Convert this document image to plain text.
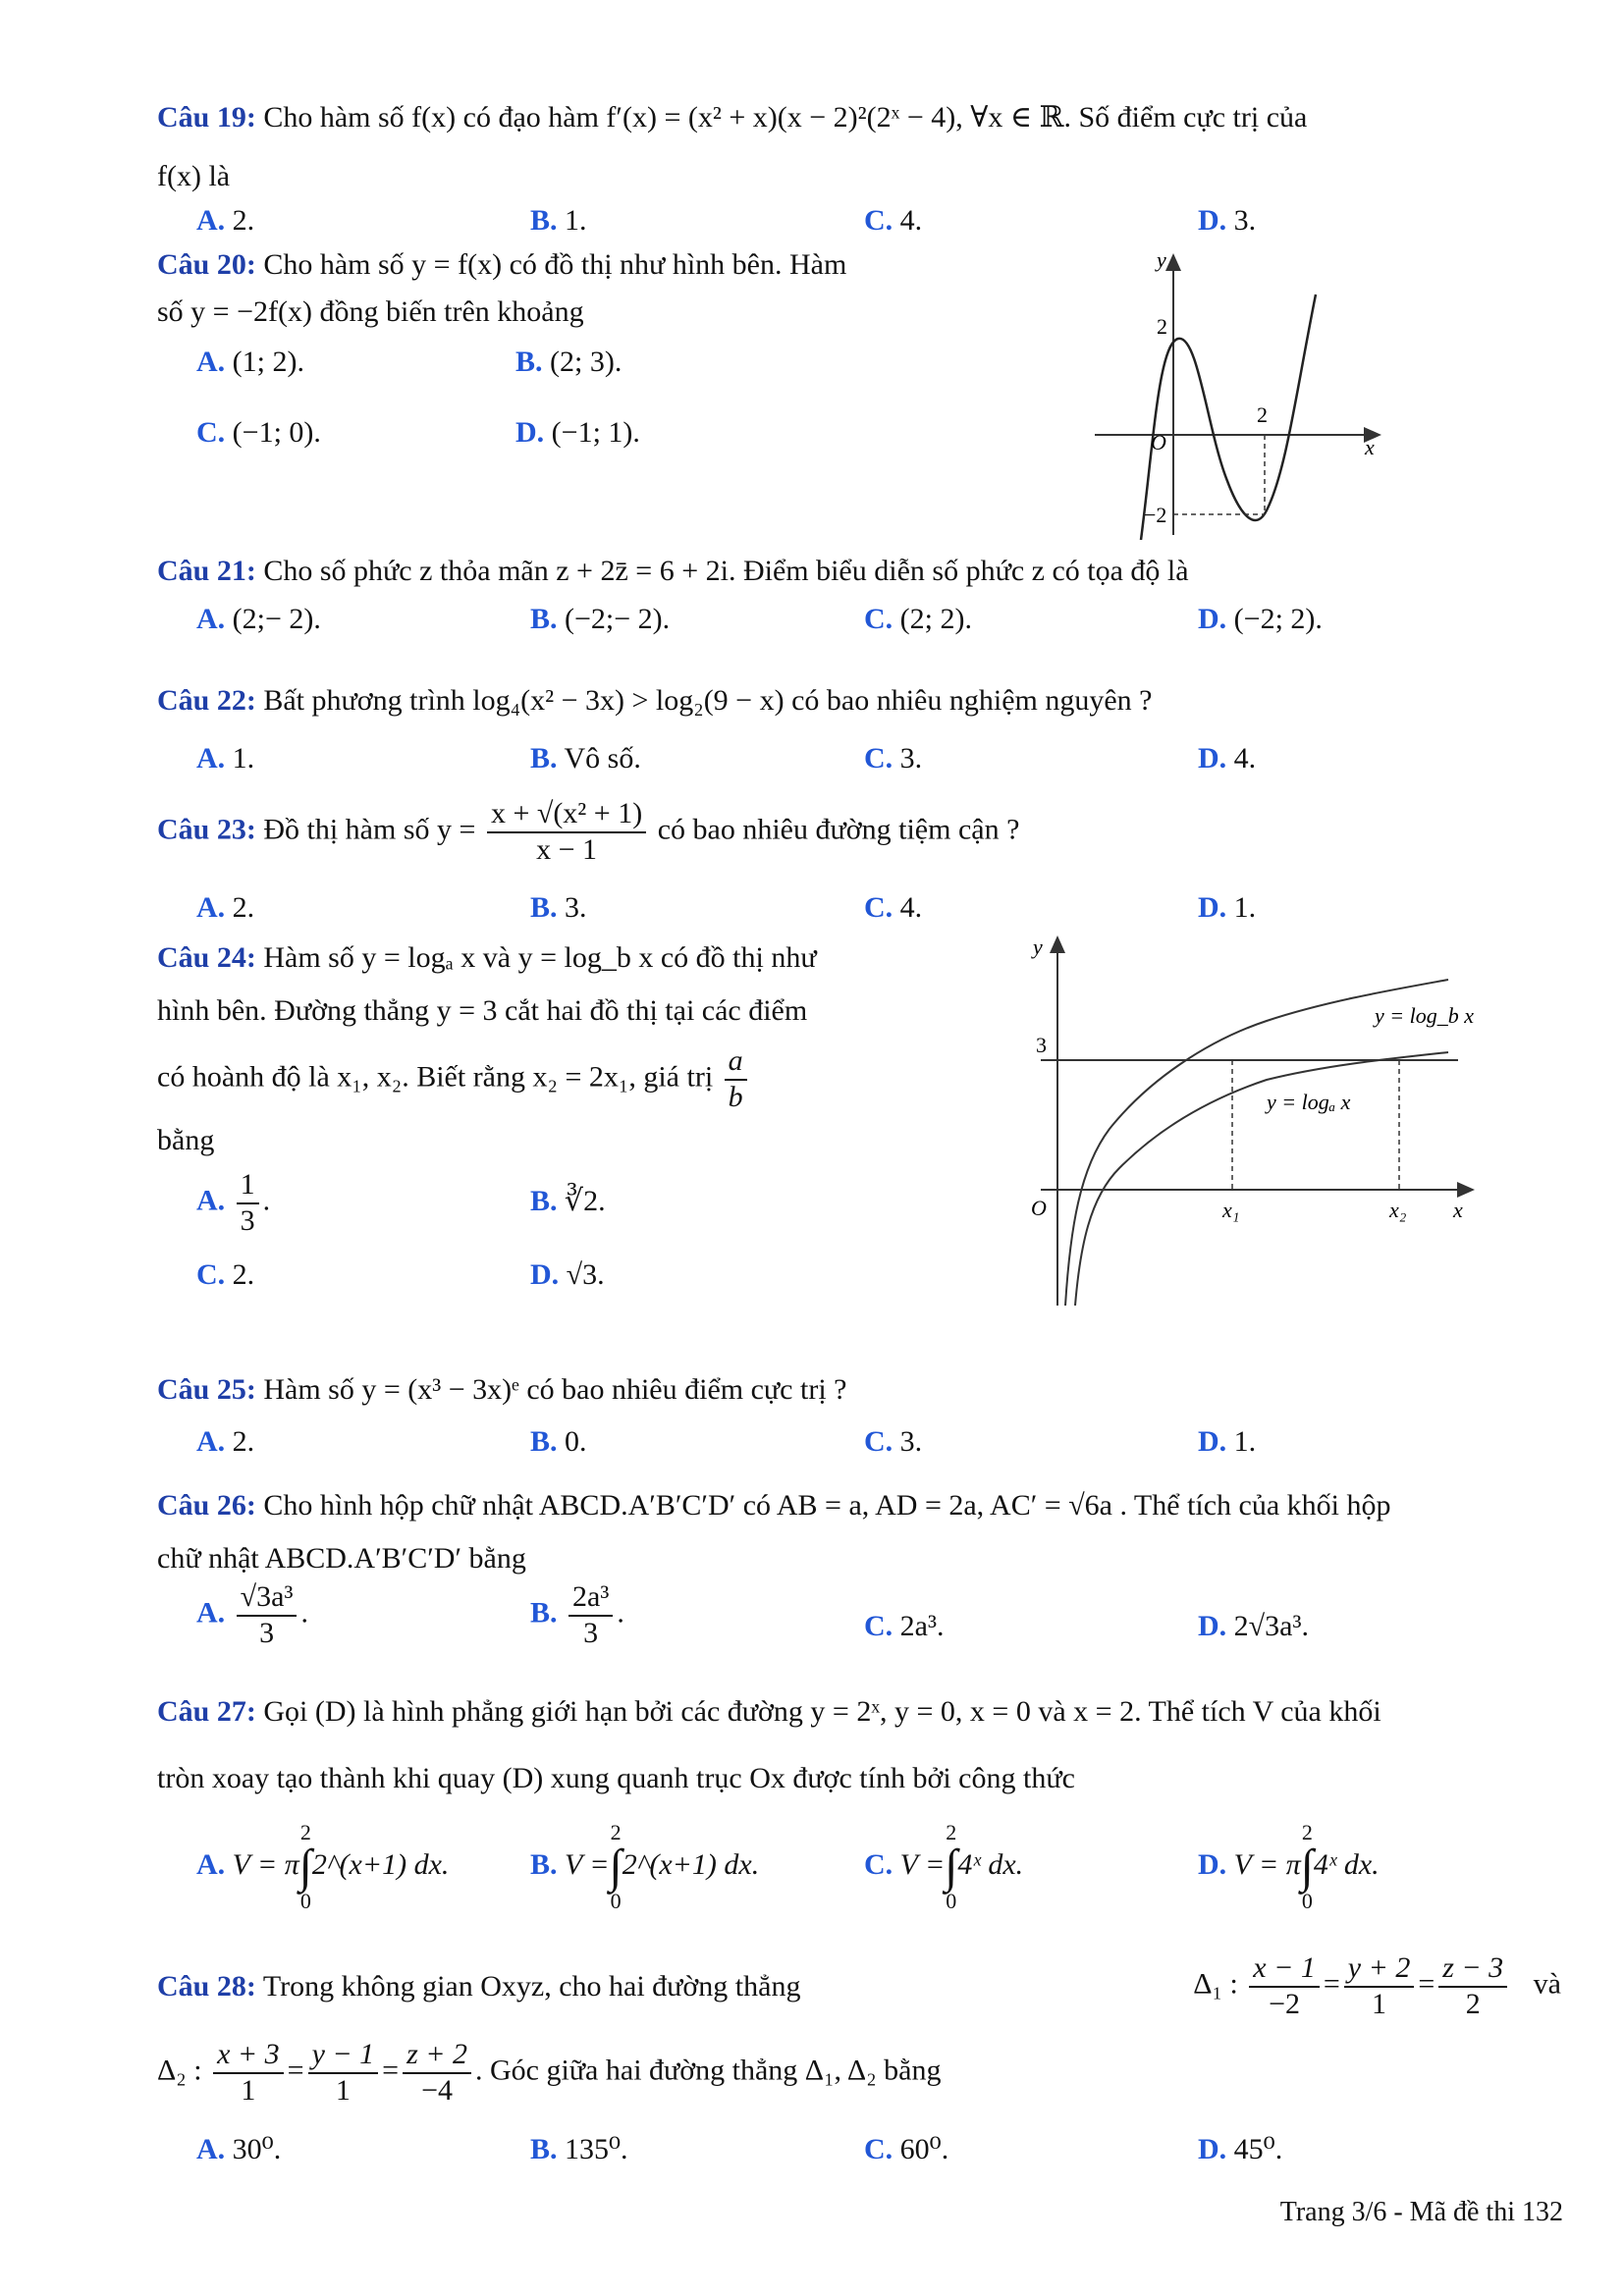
Câu 19: Cho hàm số f(x) có đạo hàm f′(x) = (x² + x)(x − 2)²(2ˣ − 4), ∀x ∈ ℝ. Số điểm cực trị của
f(x) là
A. 2.	B. 1.	C. 4.	D. 3.
Câu 20: Cho hàm số y = f(x) có đồ thị như hình bên. Hàm
số y = −2f(x) đồng biến trên khoảng
A. (1; 2).	B. (2; 3).
C. (−1; 0).	D. (−1; 1).
y
x
O
2
2
−2
Câu 21: Cho số phức z thỏa mãn z + 2z̄ = 6 + 2i. Điểm biểu diễn số phức z có tọa độ là
A. (2;− 2).	B. (−2;− 2).	C. (2; 2).	D. (−2; 2).
Câu 22: Bất phương trình log₄(x² − 3x) > log₂(9 − x) có bao nhiêu nghiệm nguyên ?
A. 1.	B. Vô số.	C. 3.	D. 4.
Câu 23: Đồ thị hàm số $y = \frac{\text{x + √(x² + 1)}}{x - 1}$ có bao nhiêu đường tiệm cận ?
A. 2.	B. 3.	C. 4.	D. 1.
Câu 24: Hàm số y = logₐ x và y = log_b x có đồ thị như
hình bên. Đường thẳng y = 3 cắt hai đồ thị tại các điểm
có hoành độ là x₁, x₂. Biết rằng x₂ = 2x₁, giá trị $\frac{a}{b}$
bằng
A. $\frac{1}{3}$ .	B. ∛2.
C. 2.	D. √3.
y
x
O
3
x₁	x₂
y = log_b x
y = logₐ x
Câu 25: Hàm số y = (x³ − 3x)ᵉ có bao nhiêu điểm cực trị ?
A. 2.	B. 0.	C. 3.	D. 1.
Câu 26: Cho hình hộp chữ nhật ABCD.A′B′C′D′ có AB = a, AD = 2a, AC′ = √6a . Thể tích của khối hộp
chữ nhật ABCD.A′B′C′D′ bằng
A. $\frac{\text{√3a³}}{3}$ .	B. $\frac{\text{2a³}}{3}$ .	C. 2a³.	D. 2√3a³.
Câu 27: Gọi (D) là hình phẳng giới hạn bởi các đường y = 2ˣ, y = 0, x = 0 và x = 2. Thể tích V của khối
tròn xoay tạo thành khi quay (D) xung quanh trục Ox được tính bởi công thức
A. V = π2
∫
02^(x+1) dx.	B. V =2
∫
02^(x+1) dx.	C. V =2
∫
04ˣ dx.	D. V = π2
∫
04ˣ dx.
Câu 28: Trong không gian Oxyz, cho hai đường thẳng	Δ₁ : $\frac{x - 1}{-2} = \frac{y + 2}{1} = \frac{z - 3}{2}$ và
Δ₂ : $\frac{x + 3}{1} = \frac{y - 1}{1} = \frac{z + 2}{-4}$ . Góc giữa hai đường thẳng Δ₁, Δ₂ bằng
A. 30⁰.	B. 135⁰.	C. 60⁰.	D. 45⁰.
Trang 3/6 - Mã đề thi 132
